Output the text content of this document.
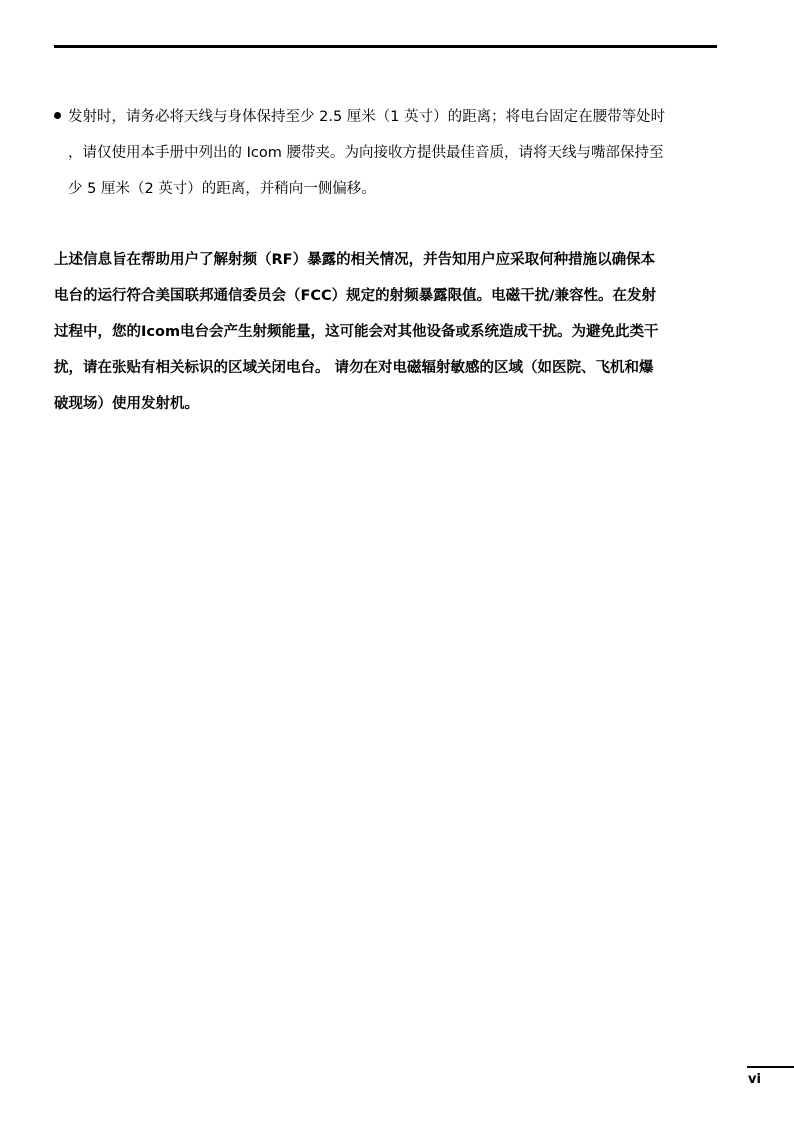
发射时，请务必将天线与身体保持至少 2.5 厘米（1 英寸）的距离；将电台固定在腰带等处时
，请仅使用本手册中列出的 Icom 腰带夹。为向接收方提供最佳音质，请将天线与嘴部保持至
少 5 厘米（2 英寸）的距离，并稍向一侧偏移。
上述信息旨在帮助用户了解射频（RF）暴露的相关情况，并告知用户应采取何种措施以确保本
电台的运行符合美国联邦通信委员会（FCC）规定的射频暴露限值。电磁干扰/兼容性。在发射
过程中，您的Icom电台会产生射频能量，这可能会对其他设备或系统造成干扰。为避免此类干
扰，请在张贴有相关标识的区域关闭电台。 请勿在对电磁辐射敏感的区域（如医院、飞机和爆
破现场）使用发射机。
vi
